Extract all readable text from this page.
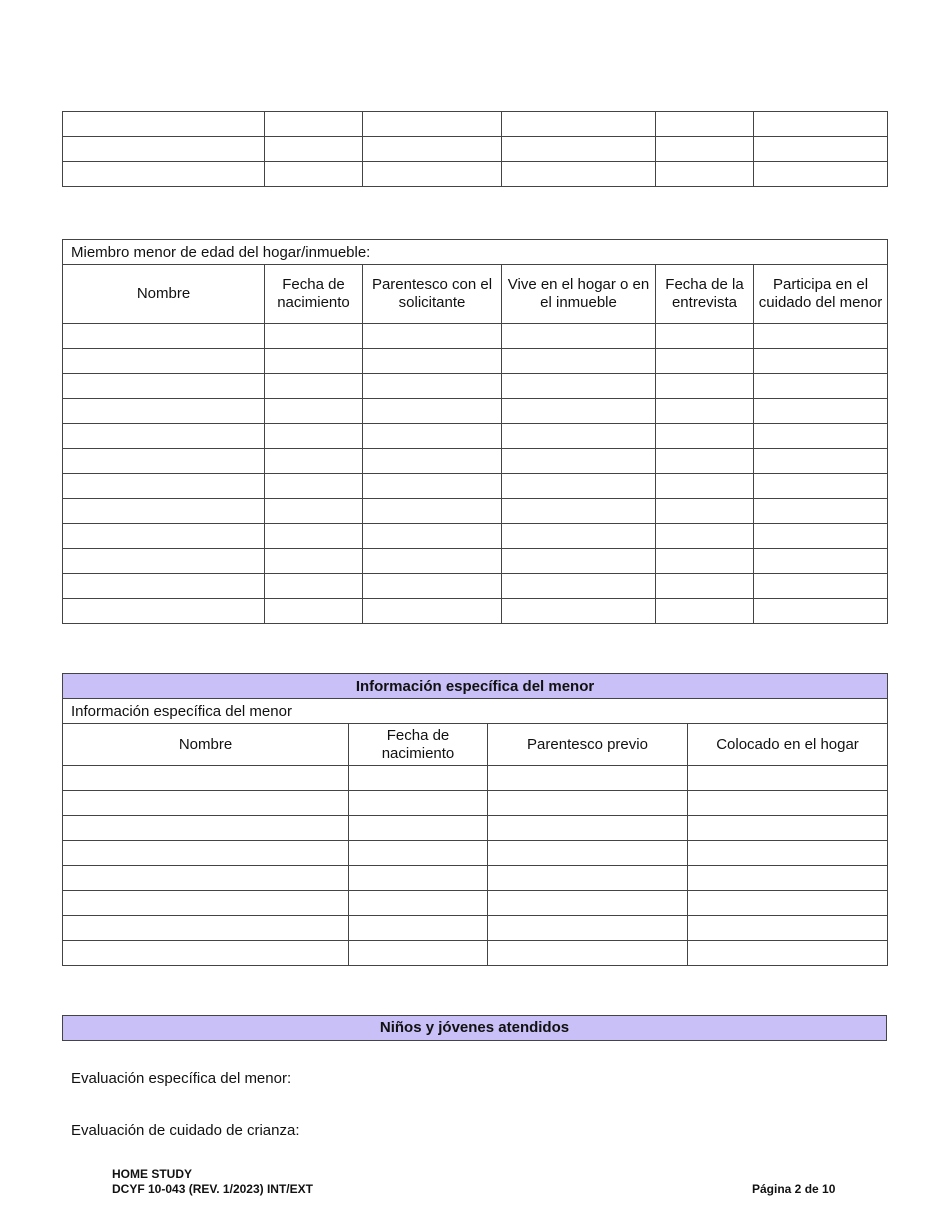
Miembro menor de edad del hogar/inmueble:					
Nombre	Fecha de nacimiento	Parentesco con el solicitante	Vive en el hogar o en el inmueble	Fecha de la entrevista	Participa en el cuidado del menor

Información específica del menor			
Información específica del menor			
Nombre	Fecha de nacimiento	Parentesco previo	Colocado en el hogar

Niños y jóvenes atendidos
Evaluación específica del menor:
Evaluación de cuidado de crianza:
HOME STUDY
DCYF 10-043 (REV. 1/2023) INT/EXT	Página 2 de 10
